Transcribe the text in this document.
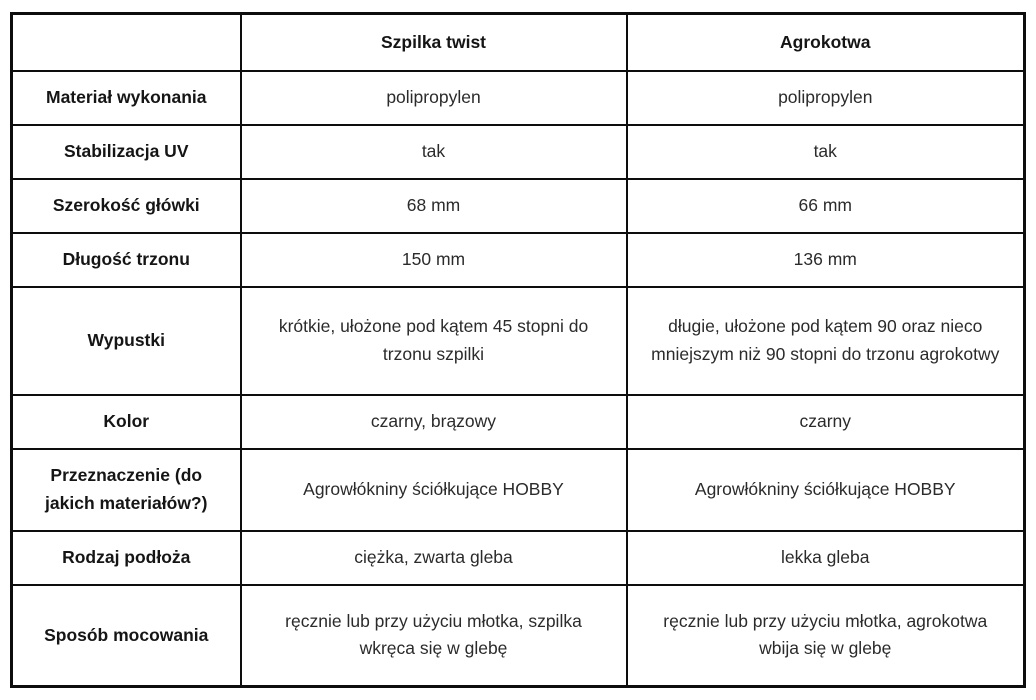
	Szpilka twist	Agrokotwa
Materiał wykonania	polipropylen	polipropylen
Stabilizacja UV	tak	tak
Szerokość główki	68 mm	66 mm
Długość trzonu	150 mm	136 mm
Wypustki	krótkie, ułożone pod kątem 45 stopni do trzonu szpilki	długie, ułożone pod kątem 90 oraz nieco mniejszym niż 90 stopni do trzonu agrokotwy
Kolor	czarny, brązowy	czarny
Przeznaczenie (do jakich materiałów?)	Agrowłókniny ściółkujące HOBBY	Agrowłókniny ściółkujące HOBBY
Rodzaj podłoża	ciężka, zwarta gleba	lekka gleba
Sposób mocowania	ręcznie lub przy użyciu młotka, szpilka wkręca się w glebę	ręcznie lub przy użyciu młotka, agrokotwa wbija się w glebę
